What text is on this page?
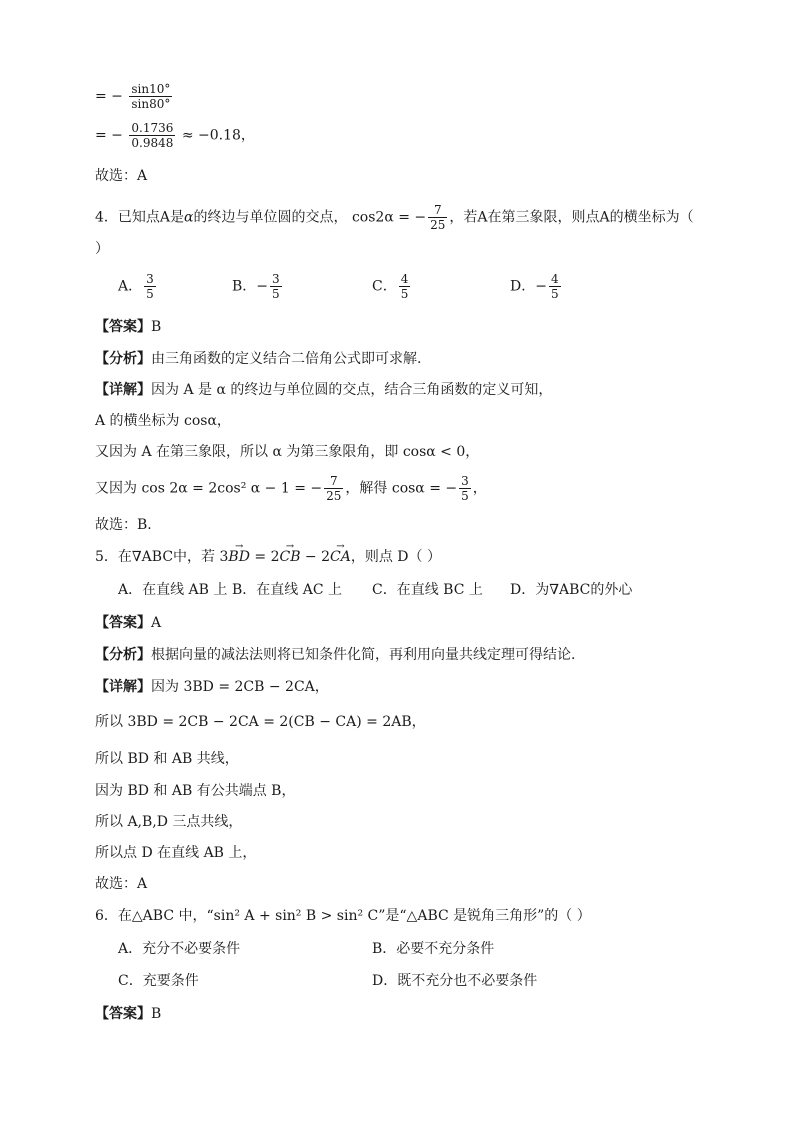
= − $\frac{\sin 10^\circ}{\sin 80^\circ}$
= − $\frac{0.1736}{0.9848} \approx -0.18$，
故选：A
4．已知点A是α的终边与单位圆的交点， cos2α = − $\frac{7}{25}$ ，若A在第三象限，则点A的横坐标为（
）
A． $\frac{3}{5}$	B．− $\frac{3}{5}$	C． $\frac{4}{5}$	D．− $\frac{4}{5}$
【答案】B
【分析】由三角函数的定义结合二倍角公式即可求解.
【详解】因为 A 是 α 的终边与单位圆的交点，结合三角函数的定义可知，
A 的横坐标为 cosα，
又因为 A 在第三象限，所以 α 为第三象限角，即 cosα < 0，
又因为 cos 2α = 2cos² α − 1 = − $\frac{7}{25}$ ，解得 cosα = − $\frac{3}{5}$ ，
故选：B.
5．在∇ABC中，若 3→ BD = 2→ CB − 2→ CA，则点 D（ ）
A．在直线 AB 上 B．在直线 AC 上 C．在直线 BC 上 D．为∇ABC的外心
【答案】A
【分析】根据向量的减法法则将已知条件化简，再利用向量共线定理可得结论.
【详解】因为 3BD = 2CB − 2CA，
所以 3BD = 2CB − 2CA = 2(CB − CA) = 2AB，
所以 BD 和 AB 共线，
因为 BD 和 AB 有公共端点 B，
所以 A,B,D 三点共线，
所以点 D 在直线 AB 上，
故选：A
6．在△ABC 中，“sin² A + sin² B > sin² C”是“△ABC 是锐角三角形”的（ ）
A．充分不必要条件	B．必要不充分条件
C．充要条件	D．既不充分也不必要条件
【答案】B
